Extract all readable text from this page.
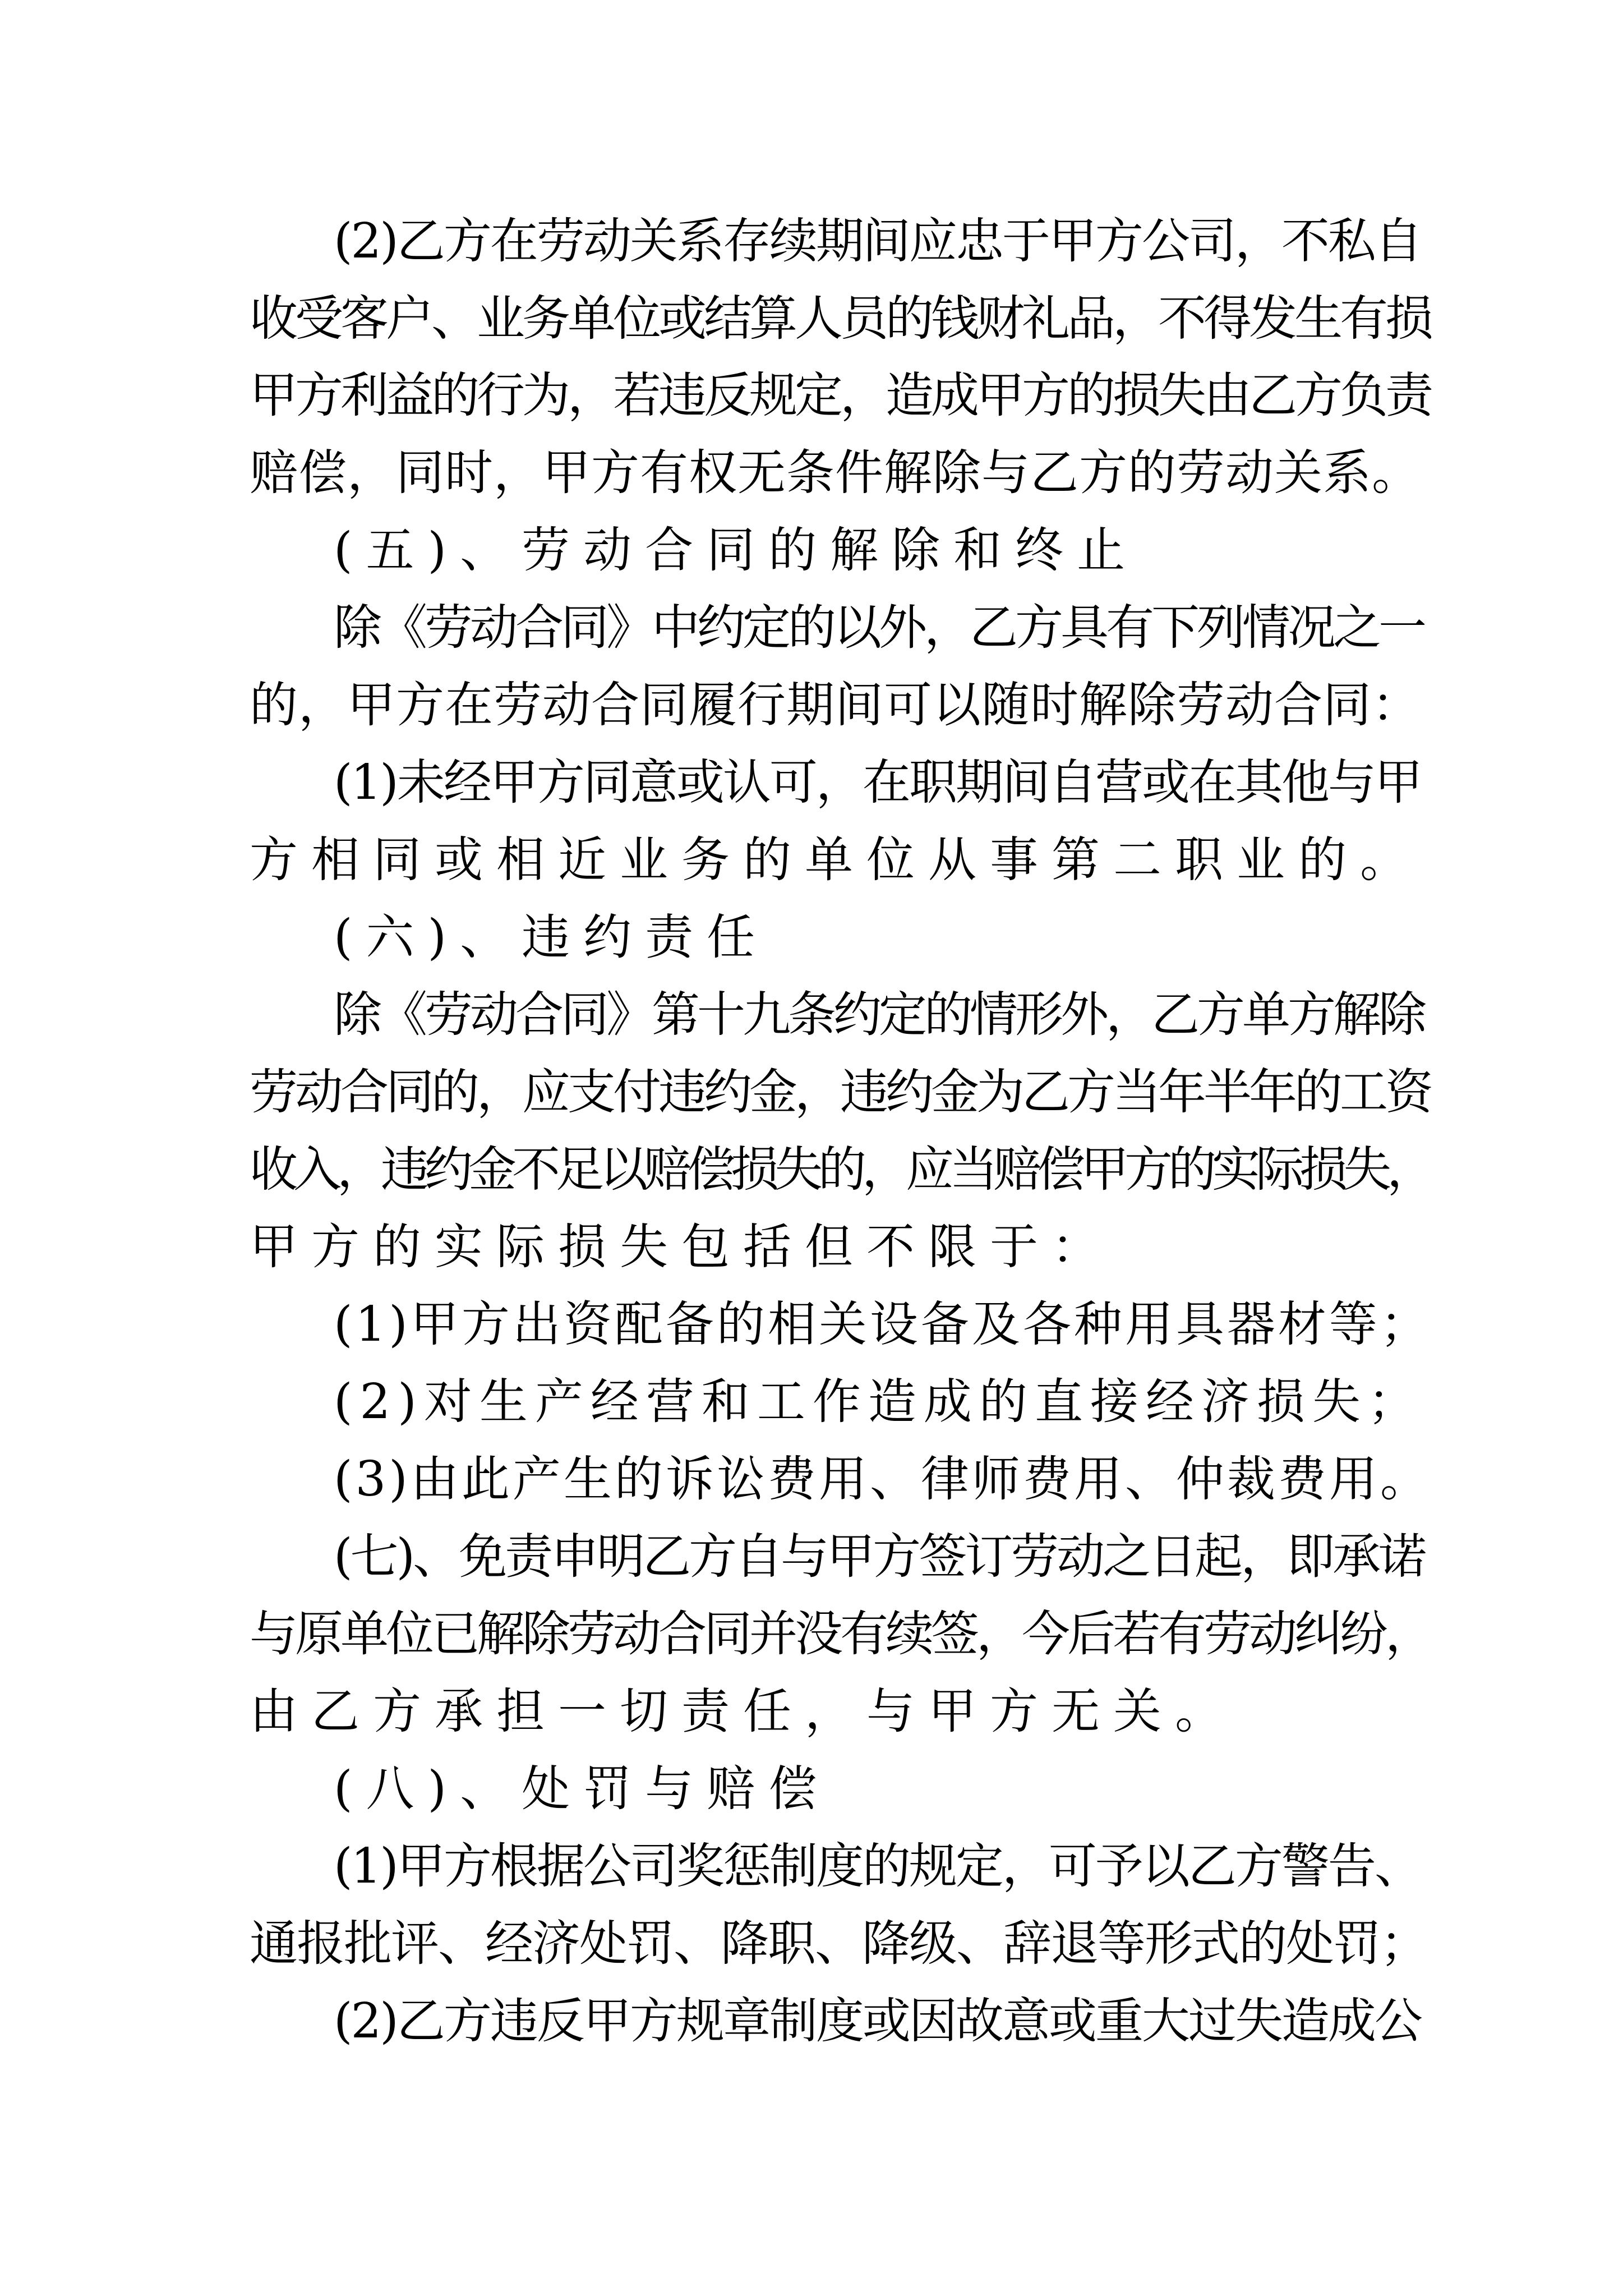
(2)乙方在劳动关系存续期间应忠于甲方公司，不私自
收受客户、业务单位或结算人员的钱财礼品，不得发生有损
甲方利益的行为，若违反规定，造成甲方的损失由乙方负责
赔偿，同时，甲方有权无条件解除与乙方的劳动关系。
(五)、劳动合同的解除和终止
除《劳动合同》中约定的以外，乙方具有下列情况之一
的，甲方在劳动合同履行期间可以随时解除劳动合同：
(1)未经甲方同意或认可，在职期间自营或在其他与甲
方相同或相近业务的单位从事第二职业的。
(六)、违约责任
除《劳动合同》第十九条约定的情形外，乙方单方解除
劳动合同的，应支付违约金，违约金为乙方当年半年的工资
收入，违约金不足以赔偿损失的，应当赔偿甲方的实际损失，
甲方的实际损失包括但不限于：
(1)甲方出资配备的相关设备及各种用具器材等；
(2)对生产经营和工作造成的直接经济损失；
(3)由此产生的诉讼费用、律师费用、仲裁费用。
(七)、免责申明乙方自与甲方签订劳动之日起，即承诺
与原单位已解除劳动合同并没有续签，今后若有劳动纠纷，
由乙方承担一切责任，与甲方无关。
(八)、处罚与赔偿
(1)甲方根据公司奖惩制度的规定，可予以乙方警告、
通报批评、经济处罚、降职、降级、辞退等形式的处罚；
(2)乙方违反甲方规章制度或因故意或重大过失造成公
